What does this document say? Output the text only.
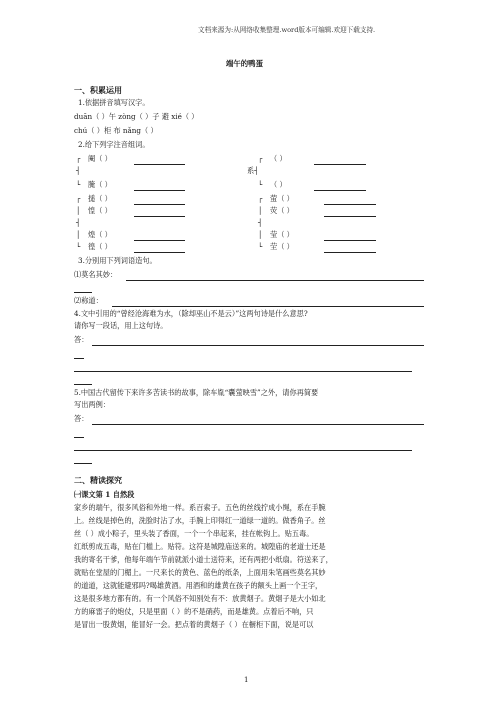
文档来源为:从网络收集整理.word版本可编辑.欢迎下载支持.
端午的鸭蛋
一、积累运用
1.依据拼音填写汉字。
duān（ ）午 zòng（ ）子 避 xié（ ）
chú（ ）柜 布 nǎng（ ）
2.给下列字注音组词。
┌ 阉（ ）
┤
└ 腌（ ）
┌ 搥（ ）
│ 惶（ ）
┤
│ 煌（ ）
└ 徨（ ）
┌ （ ）
系┤
└ （ ）
┌ 萤（ ）
│ 荧（ ）
┤
│ 莹（ ）
└ 茔（ ）
3.分别用下列词语造句。
⑴莫名其妙：
⑵称道：
4.文中引用的“曾经沧海难为水，（除却巫山不是云）”这两句诗是什么意思?
请你写一段话，用上这句诗。
答：
5.中国古代留传下来许多苦读书的故事，除车胤“囊萤映雪”之外，请你再简要
写出两例：
答：
二、精读探究
㈠课文第 1 自然段
家乡的端午，很多风俗和外地一样。系百索子。五色的丝线拧成小绳，系在手腕
上。丝线是掉色的，洗脸时沾了水，手腕上印得红一道绿一道的。做香角子。丝
丝（ ）成小粽子，里头装了香面，一个一个串起来，挂在帐钩上。贴五毒。
红纸剪成五毒，贴在门槛上。贴符。这符是城隍庙送来的。城隍庙的老道士还是
我的寄名干爹，他每年端午节前就派小道士送符来，还有两把小纸扇。符送来了，
就贴在堂屋的门楣上。一尺来长的黄色、蓝色的纸条，上面用朱笔画些莫名其妙
的道道，这就能避邪吗?喝雄黄酒。用酒和的雄黄在孩子的额头上画一个王字，
这是很多地方都有的。有一个风俗不知别处有不：放黄烟子。黄烟子是大小如北
方的麻雷子的炮仗，只是里面（ ）的不是硝药，而是雄黄。点着后不响，只
是冒出一股黄烟，能冒好一会。把点着的黄烟子（ ）在橱柜下面，说是可以
1
